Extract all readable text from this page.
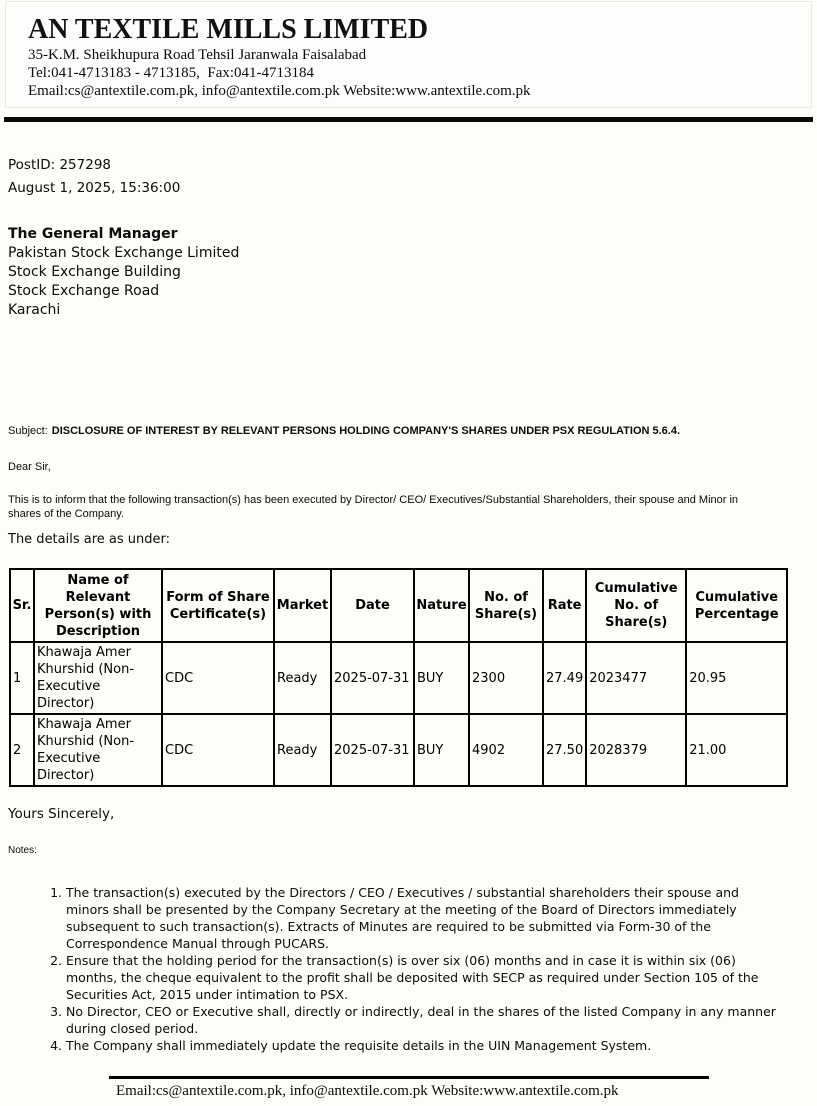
AN TEXTILE MILLS LIMITED
35-K.M. Sheikhupura Road Tehsil Jaranwala Faisalabad
Tel:041-4713183 - 4713185,  Fax:041-4713184
Email:cs@antextile.com.pk, info@antextile.com.pk Website:www.antextile.com.pk
PostID: 257298
August 1, 2025, 15:36:00
The General Manager
Pakistan Stock Exchange Limited
Stock Exchange Building
Stock Exchange Road
Karachi
Subject: DISCLOSURE OF INTEREST BY RELEVANT PERSONS HOLDING COMPANY'S SHARES UNDER PSX REGULATION 5.6.4.
Dear Sir,
This is to inform that the following transaction(s) has been executed by Director/ CEO/ Executives/Substantial Shareholders, their spouse and Minor in shares of the Company.
The details are as under:
Sr.	Name of Relevant Person(s) with Description	Form of Share Certificate(s)	Market	Date	Nature	No. of Share(s)	Rate	Cumulative No. of Share(s)	Cumulative Percentage
1	Khawaja Amer Khurshid (Non-Executive Director)	CDC	Ready	2025-07-31	BUY	2300	27.49	2023477	20.95
2	Khawaja Amer Khurshid (Non-Executive Director)	CDC	Ready	2025-07-31	BUY	4902	27.50	2028379	21.00
Yours Sincerely,
Notes:
1. The transaction(s) executed by the Directors / CEO / Executives / substantial shareholders their spouse and minors shall be presented by the Company Secretary at the meeting of the Board of Directors immediately subsequent to such transaction(s). Extracts of Minutes are required to be submitted via Form-30 of the Correspondence Manual through PUCARS.
2. Ensure that the holding period for the transaction(s) is over six (06) months and in case it is within six (06) months, the cheque equivalent to the profit shall be deposited with SECP as required under Section 105 of the Securities Act, 2015 under intimation to PSX.
3. No Director, CEO or Executive shall, directly or indirectly, deal in the shares of the listed Company in any manner during closed period.
4. The Company shall immediately update the requisite details in the UIN Management System.
Email:cs@antextile.com.pk, info@antextile.com.pk Website:www.antextile.com.pk
